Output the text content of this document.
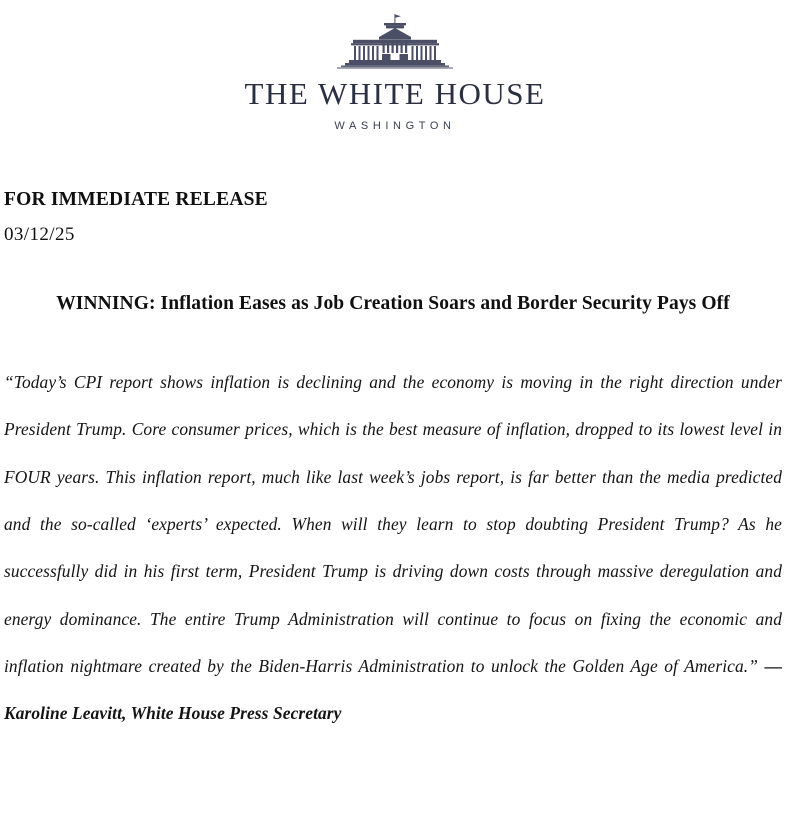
THE WHITE HOUSE
WASHINGTON
FOR IMMEDIATE RELEASE
03/12/25
WINNING: Inflation Eases as Job Creation Soars and Border Security Pays Off
“Today’s CPI report shows inflation is declining and the economy is moving in the right direction under President Trump. Core consumer prices, which is the best measure of inflation, dropped to its lowest level in FOUR years. This inflation report, much like last week’s jobs report, is far better than the media predicted and the so-called ‘experts’ expected. When will they learn to stop doubting President Trump? As he successfully did in his first term, President Trump is driving down costs through massive deregulation and energy dominance. The entire Trump Administration will continue to focus on fixing the economic and inflation nightmare created by the Biden-Harris Administration to unlock the Golden Age of America.” — Karoline Leavitt, White House Press Secretary
